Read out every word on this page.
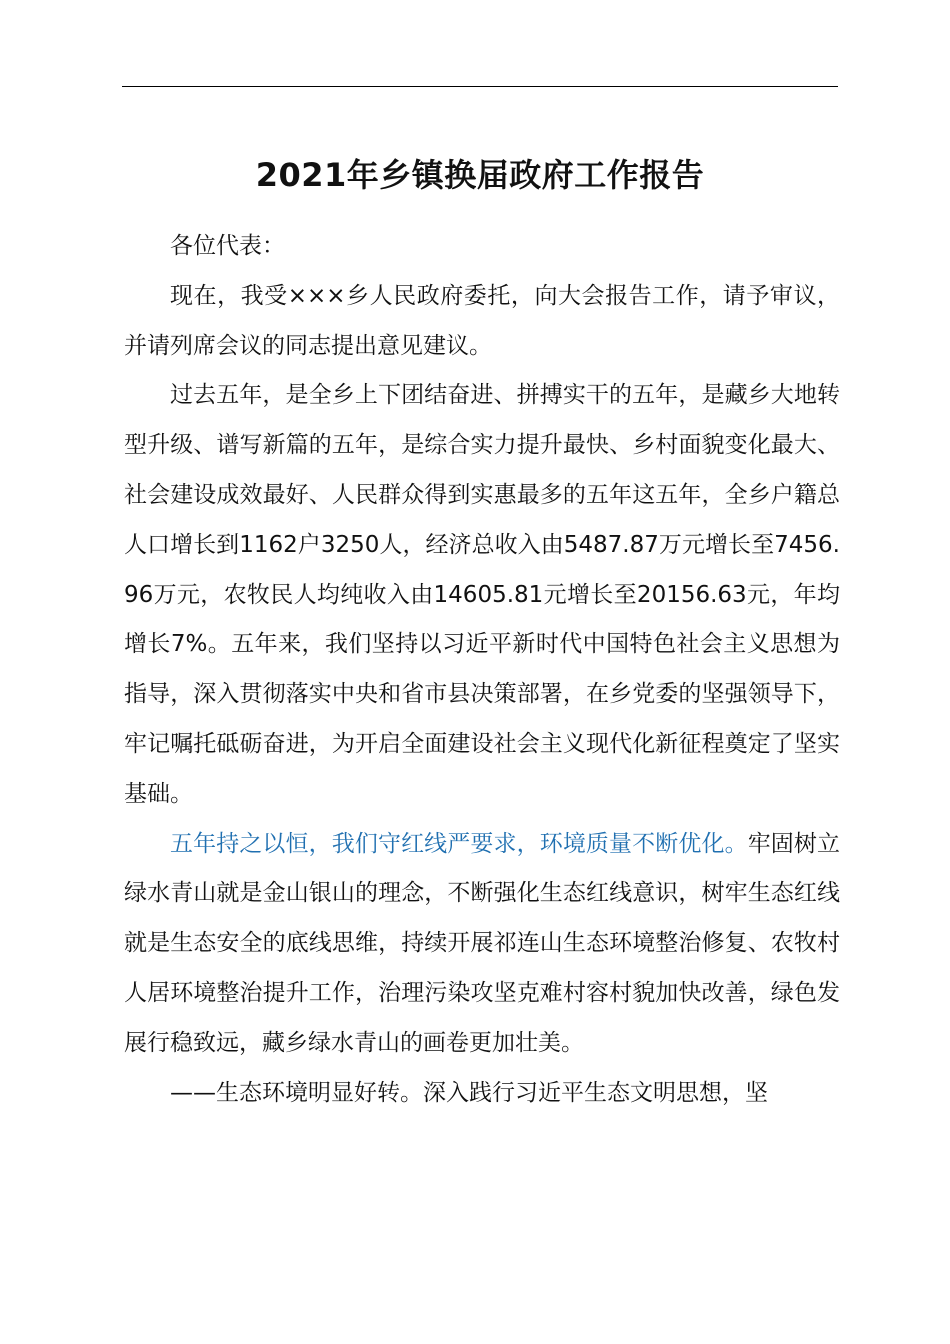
2021年乡镇换届政府工作报告

各位代表：

现在，我受×××乡人民政府委托，向大会报告工作，请予审议，并请列席会议的同志提出意见建议。

过去五年，是全乡上下团结奋进、拼搏实干的五年，是藏乡大地转型升级、谱写新篇的五年，是综合实力提升最快、乡村面貌变化最大、社会建设成效最好、人民群众得到实惠最多的五年这五年，全乡户籍总人口增长到1162户3250人，经济总收入由5487.87万元增长至7456.96万元，农牧民人均纯收入由14605.81元增长至20156.63元，年均增长7%。五年来，我们坚持以习近平新时代中国特色社会主义思想为指导，深入贯彻落实中央和省市县决策部署，在乡党委的坚强领导下，牢记嘱托砥砺奋进，为开启全面建设社会主义现代化新征程奠定了坚实基础。

五年持之以恒，我们守红线严要求，环境质量不断优化。牢固树立绿水青山就是金山银山的理念，不断强化生态红线意识，树牢生态红线就是生态安全的底线思维，持续开展祁连山生态环境整治修复、农牧村人居环境整治提升工作，治理污染攻坚克难村容村貌加快改善，绿色发展行稳致远，藏乡绿水青山的画卷更加壮美。

——生态环境明显好转。深入践行习近平生态文明思想，坚
